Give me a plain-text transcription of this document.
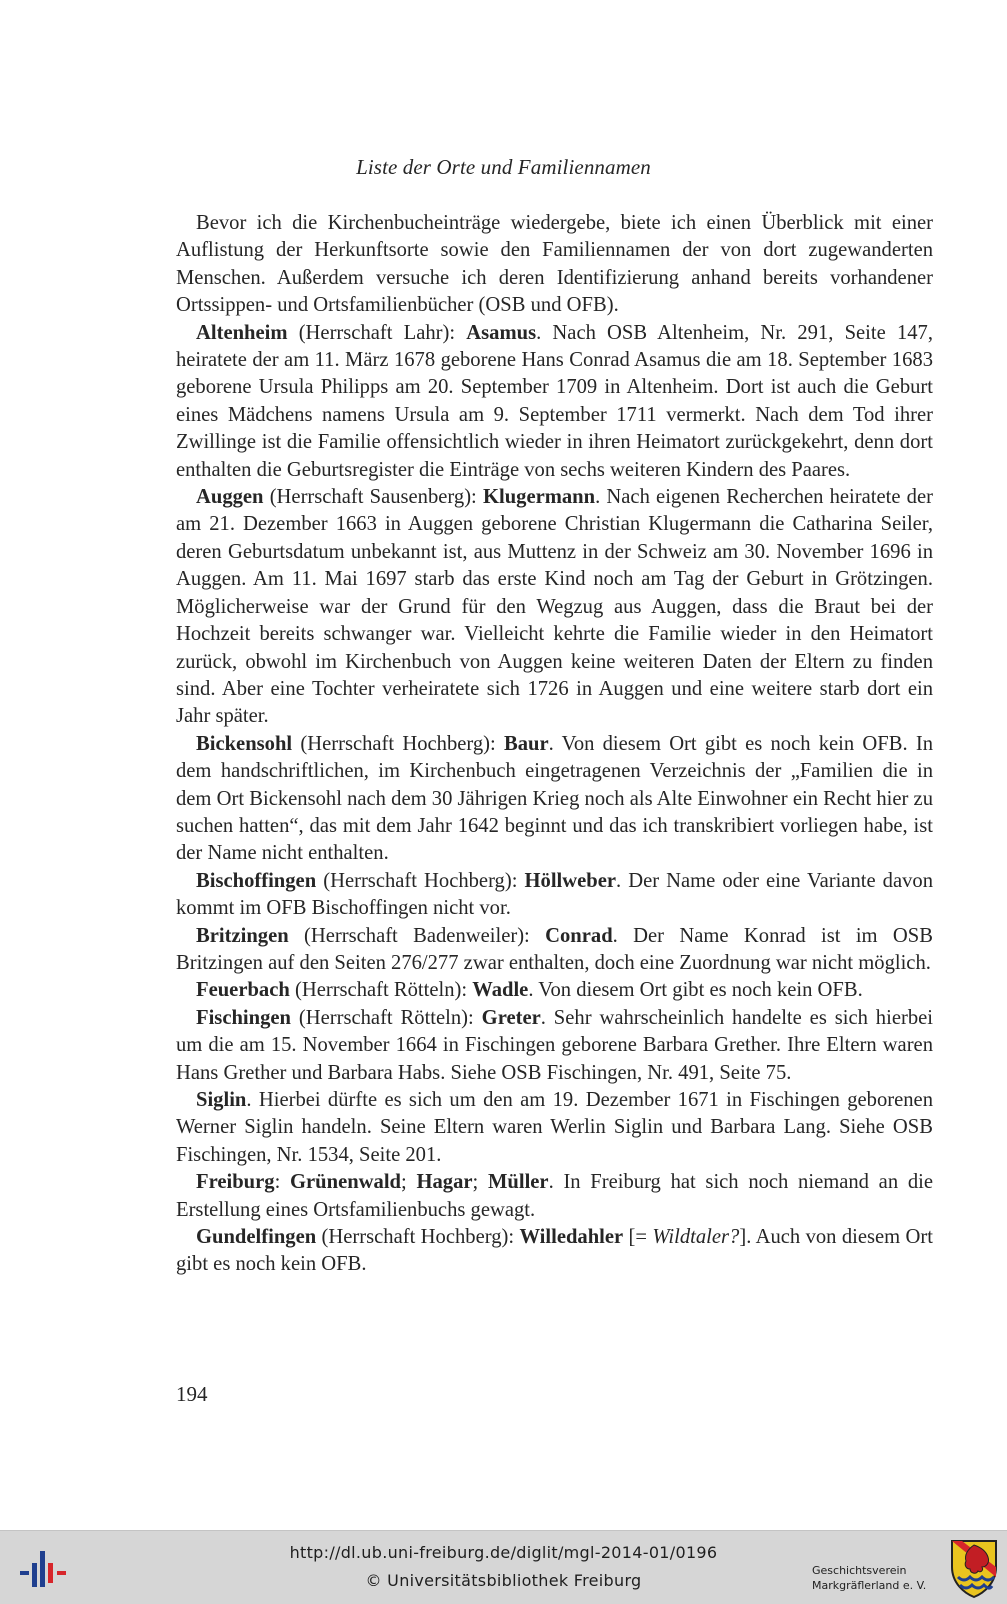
Liste der Orte und Familiennamen

Bevor ich die Kirchenbucheinträge wiedergebe, biete ich einen Überblick mit einer Auflistung der Herkunftsorte sowie den Familiennamen der von dort zugewanderten Menschen. Außerdem versuche ich deren Identifizierung anhand bereits vorhandener Ortssippen- und Ortsfamilienbücher (OSB und OFB).

Altenheim (Herrschaft Lahr): Asamus. Nach OSB Altenheim, Nr. 291, Seite 147, heiratete der am 11. März 1678 geborene Hans Conrad Asamus die am 18. September 1683 geborene Ursula Philipps am 20. September 1709 in Altenheim. Dort ist auch die Geburt eines Mädchens namens Ursula am 9. September 1711 vermerkt. Nach dem Tod ihrer Zwillinge ist die Familie offensichtlich wieder in ihren Heimatort zurückgekehrt, denn dort enthalten die Geburtsregister die Einträge von sechs weiteren Kindern des Paares.

Auggen (Herrschaft Sausenberg): Klugermann. Nach eigenen Recherchen heiratete der am 21. Dezember 1663 in Auggen geborene Christian Klugermann die Catharina Seiler, deren Geburtsdatum unbekannt ist, aus Muttenz in der Schweiz am 30. November 1696 in Auggen. Am 11. Mai 1697 starb das erste Kind noch am Tag der Geburt in Grötzingen. Möglicherweise war der Grund für den Wegzug aus Auggen, dass die Braut bei der Hochzeit bereits schwanger war. Vielleicht kehrte die Familie wieder in den Heimatort zurück, obwohl im Kirchenbuch von Auggen keine weiteren Daten der Eltern zu finden sind. Aber eine Tochter verheiratete sich 1726 in Auggen und eine weitere starb dort ein Jahr später.

Bickensohl (Herrschaft Hochberg): Baur. Von diesem Ort gibt es noch kein OFB. In dem handschriftlichen, im Kirchenbuch eingetragenen Verzeichnis der „Familien die in dem Ort Bickensohl nach dem 30 Jährigen Krieg noch als Alte Einwohner ein Recht hier zu suchen hatten“, das mit dem Jahr 1642 beginnt und das ich transkribiert vorliegen habe, ist der Name nicht enthalten.

Bischoffingen (Herrschaft Hochberg): Höllweber. Der Name oder eine Variante davon kommt im OFB Bischoffingen nicht vor.

Britzingen (Herrschaft Badenweiler): Conrad. Der Name Konrad ist im OSB Britzingen auf den Seiten 276/277 zwar enthalten, doch eine Zuordnung war nicht möglich.

Feuerbach (Herrschaft Rötteln): Wadle. Von diesem Ort gibt es noch kein OFB.

Fischingen (Herrschaft Rötteln): Greter. Sehr wahrscheinlich handelte es sich hierbei um die am 15. November 1664 in Fischingen geborene Barbara Grether. Ihre Eltern waren Hans Grether und Barbara Habs. Siehe OSB Fischingen, Nr. 491, Seite 75.

Siglin. Hierbei dürfte es sich um den am 19. Dezember 1671 in Fischingen geborenen Werner Siglin handeln. Seine Eltern waren Werlin Siglin und Barbara Lang. Siehe OSB Fischingen, Nr. 1534, Seite 201.

Freiburg: Grünenwald; Hagar; Müller. In Freiburg hat sich noch niemand an die Erstellung eines Ortsfamilienbuchs gewagt.

Gundelfingen (Herrschaft Hochberg): Willedahler [= Wildtaler?]. Auch von diesem Ort gibt es noch kein OFB.

194
http://dl.ub.uni-freiburg.de/diglit/mgl-2014-01/0196
© Universitätsbibliothek Freiburg
Geschichtsverein
Markgräflerland e. V.
